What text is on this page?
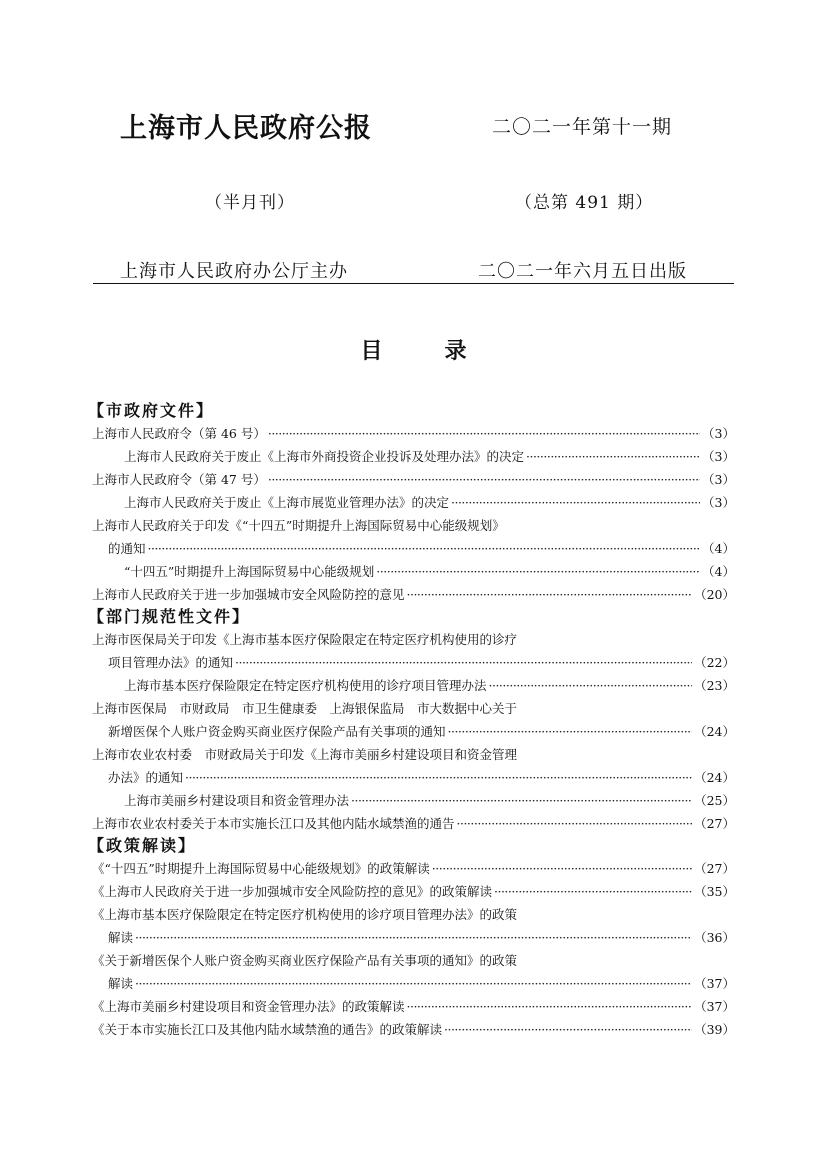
上海市人民政府公报	二〇二一年第十一期
（半月刊）	（总第 491 期）
上海市人民政府办公厅主办	二〇二一年六月五日出版
目录
【市政府文件】
上海市人民政府令（第 46 号） ·····	（3）
上海市人民政府关于废止《上海市外商投资企业投诉及处理办法》的决定 ·····	（3）
上海市人民政府令（第 47 号） ·····	（3）
上海市人民政府关于废止《上海市展览业管理办法》的决定 ·····	（3）
上海市人民政府关于印发《“十四五”时期提升上海国际贸易中心能级规划》
的通知 ·····	（4）
“十四五”时期提升上海国际贸易中心能级规划 ·····	（4）
上海市人民政府关于进一步加强城市安全风险防控的意见 ·····	（20）
【部门规范性文件】
上海市医保局关于印发《上海市基本医疗保险限定在特定医疗机构使用的诊疗
项目管理办法》的通知 ·····	（22）
上海市基本医疗保险限定在特定医疗机构使用的诊疗项目管理办法 ·····	（23）
上海市医保局　市财政局　市卫生健康委　上海银保监局　市大数据中心关于
新增医保个人账户资金购买商业医疗保险产品有关事项的通知 ·····	（24）
上海市农业农村委　市财政局关于印发《上海市美丽乡村建设项目和资金管理
办法》的通知 ·····	（24）
上海市美丽乡村建设项目和资金管理办法 ·····	（25）
上海市农业农村委关于本市实施长江口及其他内陆水域禁渔的通告 ·····	（27）
【政策解读】
《“十四五”时期提升上海国际贸易中心能级规划》的政策解读 ·····	（27）
《上海市人民政府关于进一步加强城市安全风险防控的意见》的政策解读 ·····	（35）
《上海市基本医疗保险限定在特定医疗机构使用的诊疗项目管理办法》的政策
解读 ·····	（36）
《关于新增医保个人账户资金购买商业医疗保险产品有关事项的通知》的政策
解读 ·····	（37）
《上海市美丽乡村建设项目和资金管理办法》的政策解读 ·····	（37）
《关于本市实施长江口及其他内陆水域禁渔的通告》的政策解读 ·····	（39）
